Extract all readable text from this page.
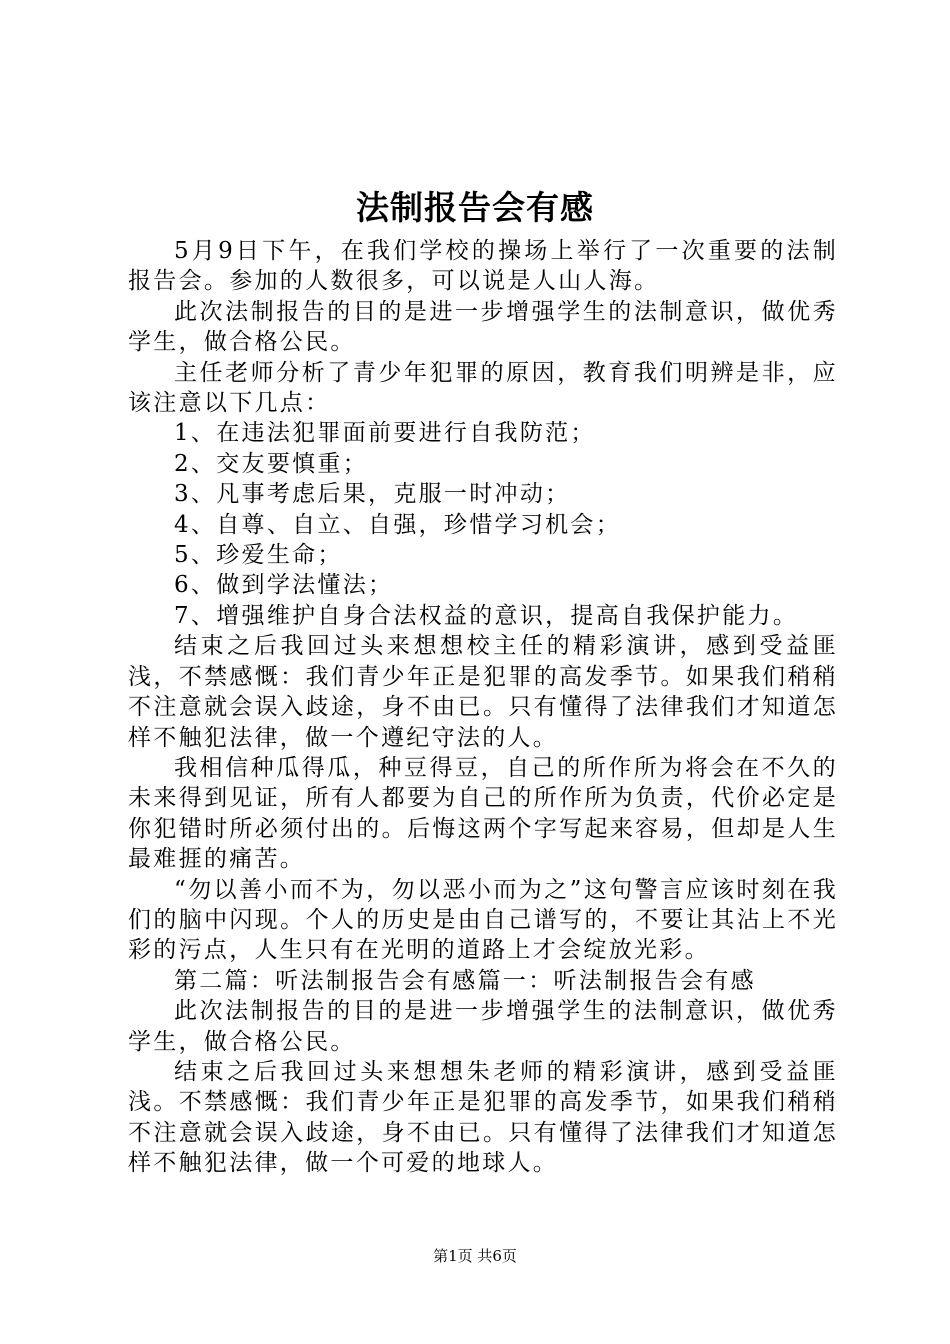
法制报告会有感

5月9日下午，在我们学校的操场上举行了一次重要的法制报告会。参加的人数很多，可以说是人山人海。

此次法制报告的目的是进一步增强学生的法制意识，做优秀学生，做合格公民。

主任老师分析了青少年犯罪的原因，教育我们明辨是非，应该注意以下几点：

1、在违法犯罪面前要进行自我防范；

2、交友要慎重；

3、凡事考虑后果，克服一时冲动；

4、自尊、自立、自强，珍惜学习机会；

5、珍爱生命；

6、做到学法懂法；

7、增强维护自身合法权益的意识，提高自我保护能力。

结束之后我回过头来想想校主任的精彩演讲，感到受益匪浅，不禁感慨：我们青少年正是犯罪的高发季节。如果我们稍稍不注意就会误入歧途，身不由已。只有懂得了法律我们才知道怎样不触犯法律，做一个遵纪守法的人。

我相信种瓜得瓜，种豆得豆，自己的所作所为将会在不久的未来得到见证，所有人都要为自己的所作所为负责，代价必定是你犯错时所必须付出的。后悔这两个字写起来容易，但却是人生最难捱的痛苦。

“勿以善小而不为，勿以恶小而为之”这句警言应该时刻在我们的脑中闪现。个人的历史是由自己谱写的，不要让其沾上不光彩的污点，人生只有在光明的道路上才会绽放光彩。

第二篇：听法制报告会有感篇一：听法制报告会有感

此次法制报告的目的是进一步增强学生的法制意识，做优秀学生，做合格公民。

结束之后我回过头来想想朱老师的精彩演讲，感到受益匪浅。不禁感慨：我们青少年正是犯罪的高发季节，如果我们稍稍不注意就会误入歧途，身不由已。只有懂得了法律我们才知道怎样不触犯法律，做一个可爱的地球人。

第1页 共6页
